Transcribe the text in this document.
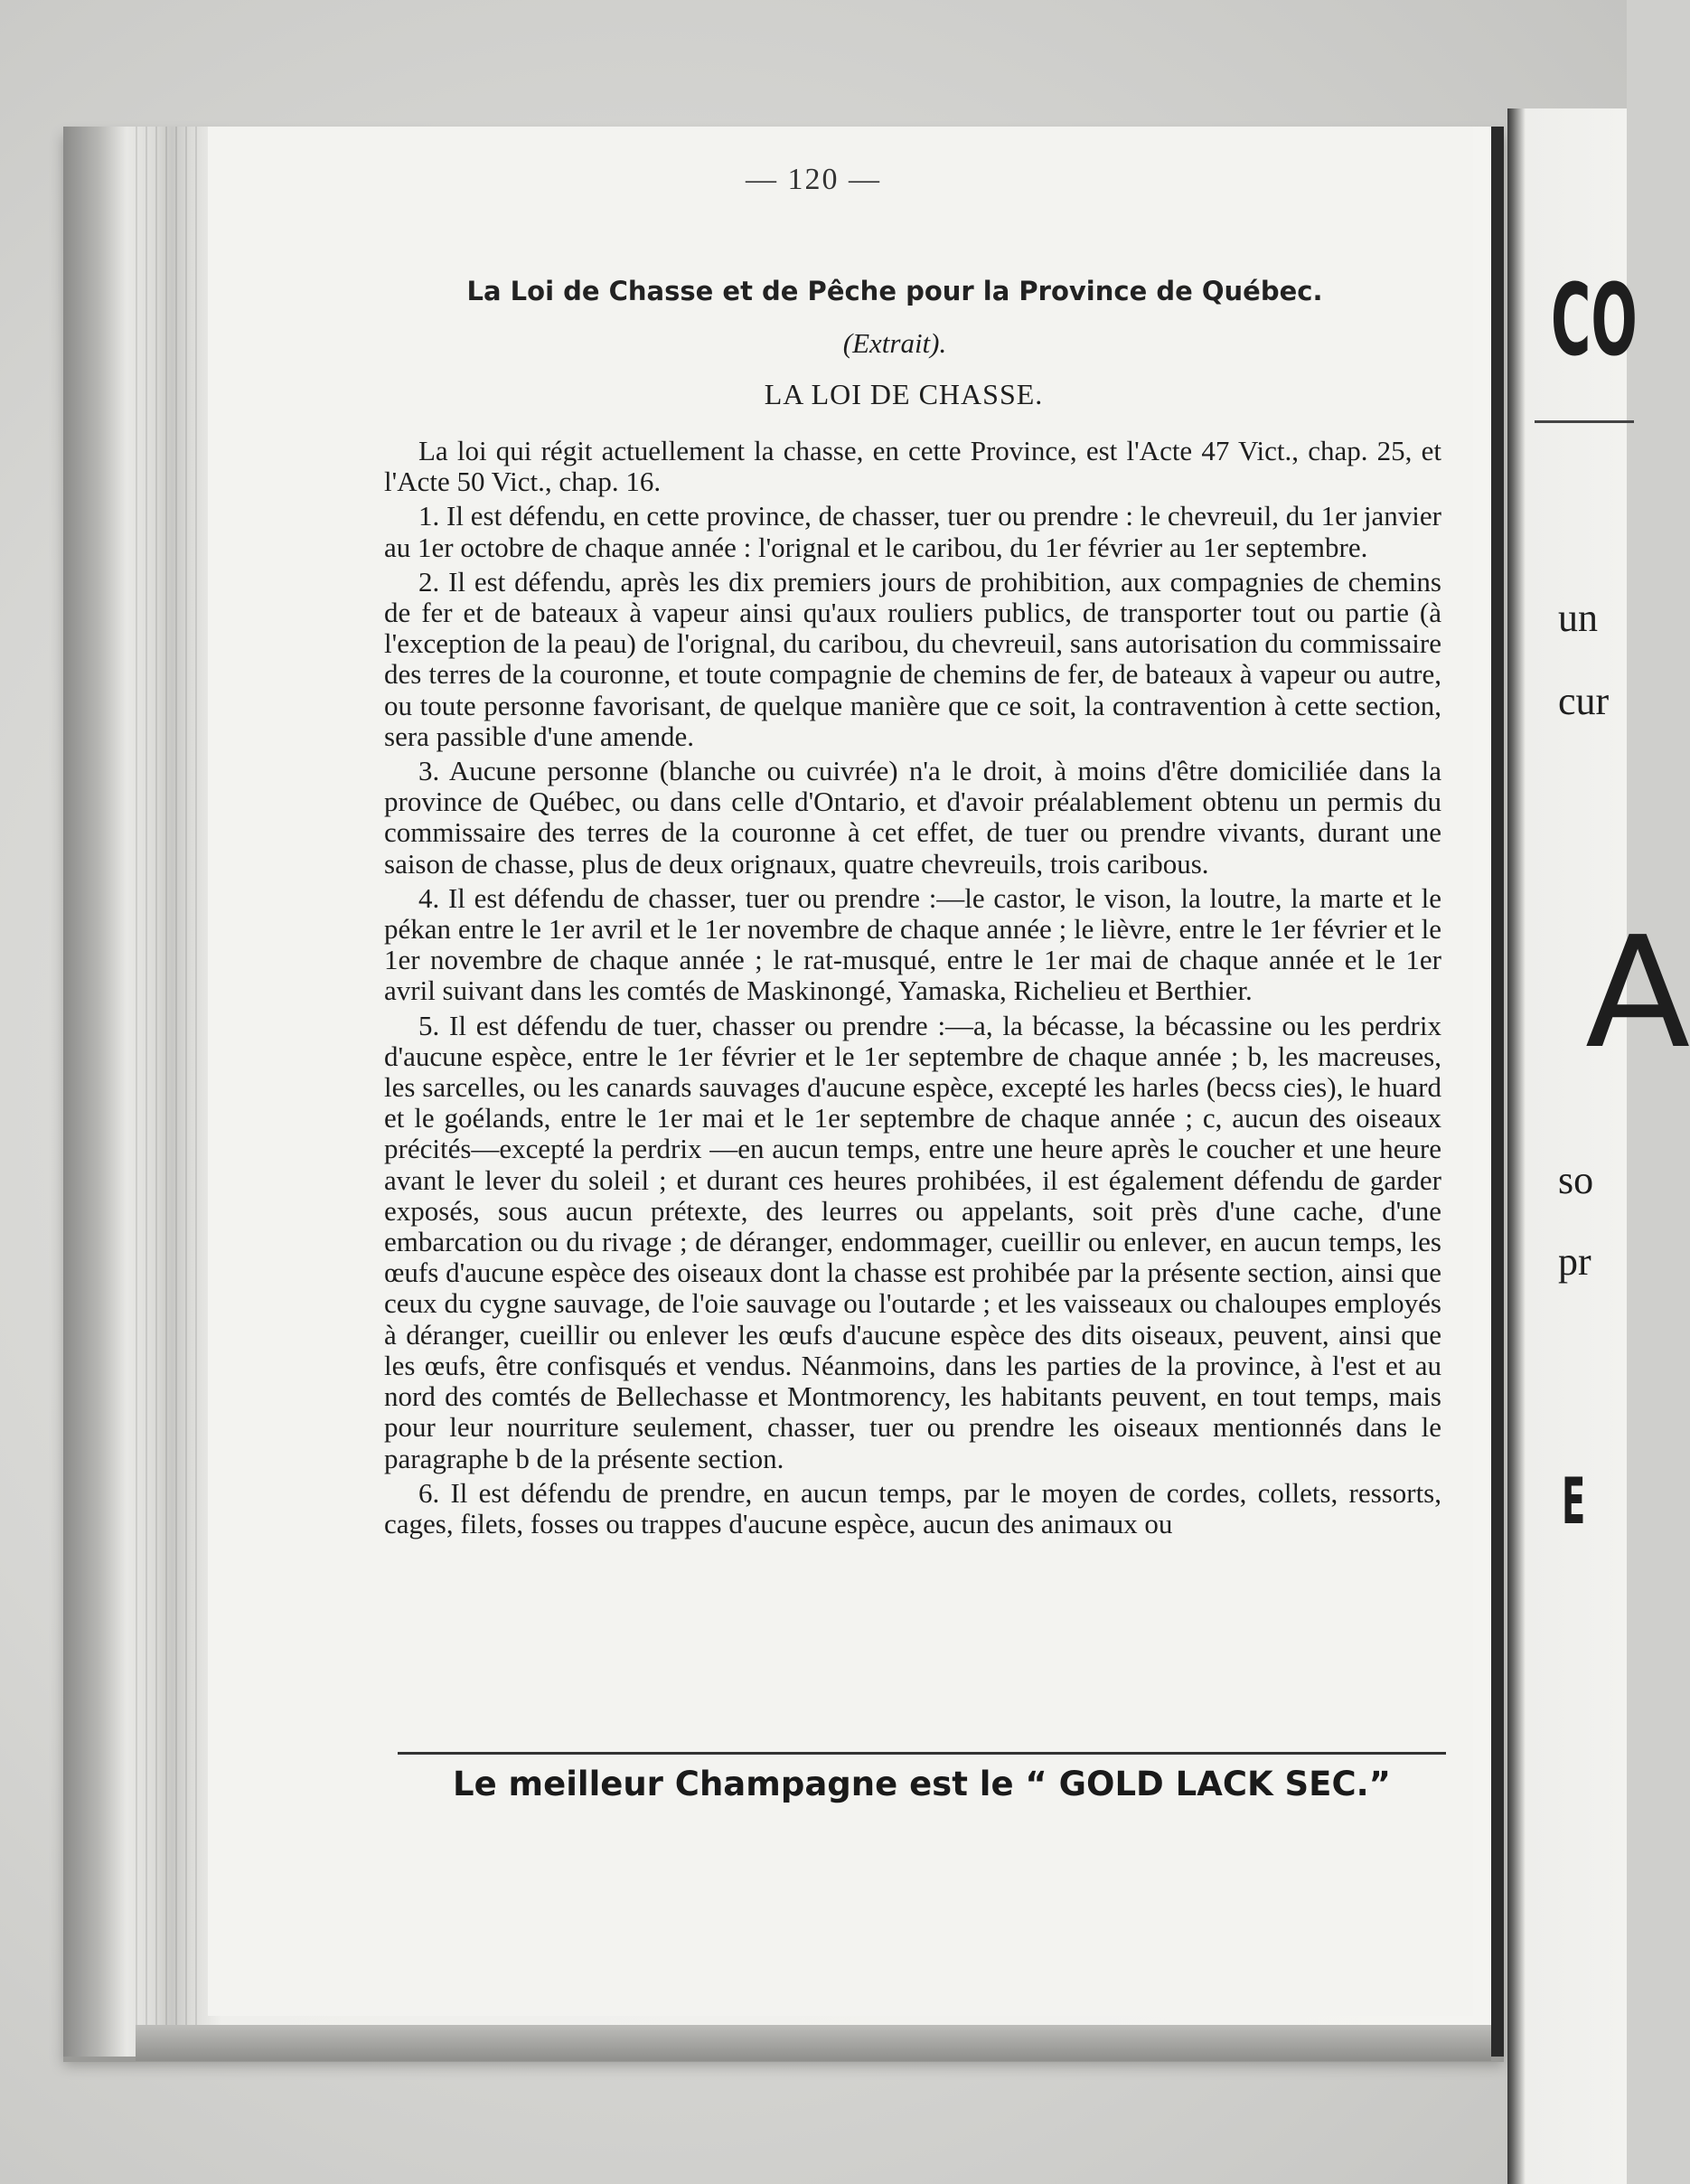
— 120 —
La Loi de Chasse et de Pêche pour la Province de Québec.
(Extrait).
LA LOI DE CHASSE.

La loi qui régit actuellement la chasse, en cette Province, est l'Acte 47 Vict., chap. 25, et l'Acte 50 Vict., chap. 16.

1. Il est défendu, en cette province, de chasser, tuer ou prendre : le chevreuil, du 1er janvier au 1er octobre de chaque année : l'orignal et le caribou, du 1er février au 1er septembre.

2. Il est défendu, après les dix premiers jours de prohibition, aux compagnies de chemins de fer et de bateaux à vapeur ainsi qu'aux rouliers publics, de transporter tout ou partie (à l'exception de la peau) de l'orignal, du caribou, du chevreuil, sans autorisation du commissaire des terres de la couronne, et toute compagnie de chemins de fer, de bateaux à vapeur ou autre, ou toute personne favorisant, de quelque manière que ce soit, la contravention à cette section, sera passible d'une amende.

3. Aucune personne (blanche ou cuivrée) n'a le droit, à moins d'être domiciliée dans la province de Québec, ou dans celle d'Ontario, et d'avoir préalablement obtenu un permis du commissaire des terres de la couronne à cet effet, de tuer ou prendre vivants, durant une saison de chasse, plus de deux orignaux, quatre chevreuils, trois caribous.

4. Il est défendu de chasser, tuer ou prendre :—le castor, le vison, la loutre, la marte et le pékan entre le 1er avril et le 1er novembre de chaque année ; le lièvre, entre le 1er février et le 1er novembre de chaque année ; le rat-musqué, entre le 1er mai de chaque année et le 1er avril suivant dans les comtés de Maskinongé, Yamaska, Richelieu et Berthier.

5. Il est défendu de tuer, chasser ou prendre :—a, la bécasse, la bécassine ou les perdrix d'aucune espèce, entre le 1er février et le 1er septembre de chaque année ; b, les macreuses, les sarcelles, ou les canards sauvages d'aucune espèce, excepté les harles (becss cies), le huard et le goélands, entre le 1er mai et le 1er septembre de chaque année ; c, aucun des oiseaux précités—excepté la perdrix —en aucun temps, entre une heure après le coucher et une heure avant le lever du soleil ; et durant ces heures prohibées, il est également défendu de garder exposés, sous aucun prétexte, des leurres ou appelants, soit près d'une cache, d'une embarcation ou du rivage ; de déranger, endommager, cueillir ou enlever, en aucun temps, les œufs d'aucune espèce des oiseaux dont la chasse est prohibée par la présente section, ainsi que ceux du cygne sauvage, de l'oie sauvage ou l'outarde ; et les vaisseaux ou chaloupes employés à déranger, cueillir ou enlever les œufs d'aucune espèce des dits oiseaux, peuvent, ainsi que les œufs, être confisqués et vendus. Néanmoins, dans les parties de la province, à l'est et au nord des comtés de Bellechasse et Montmorency, les habitants peuvent, en tout temps, mais pour leur nourriture seulement, chasser, tuer ou prendre les oiseaux mentionnés dans le paragraphe b de la présente section.

6. Il est défendu de prendre, en aucun temps, par le moyen de cordes, collets, ressorts, cages, filets, fosses ou trappes d'aucune espèce, aucun des animaux ou

Le meilleur Champagne est le “ GOLD LACK SEC.”
CO
un
cur
A
so
pr
E
